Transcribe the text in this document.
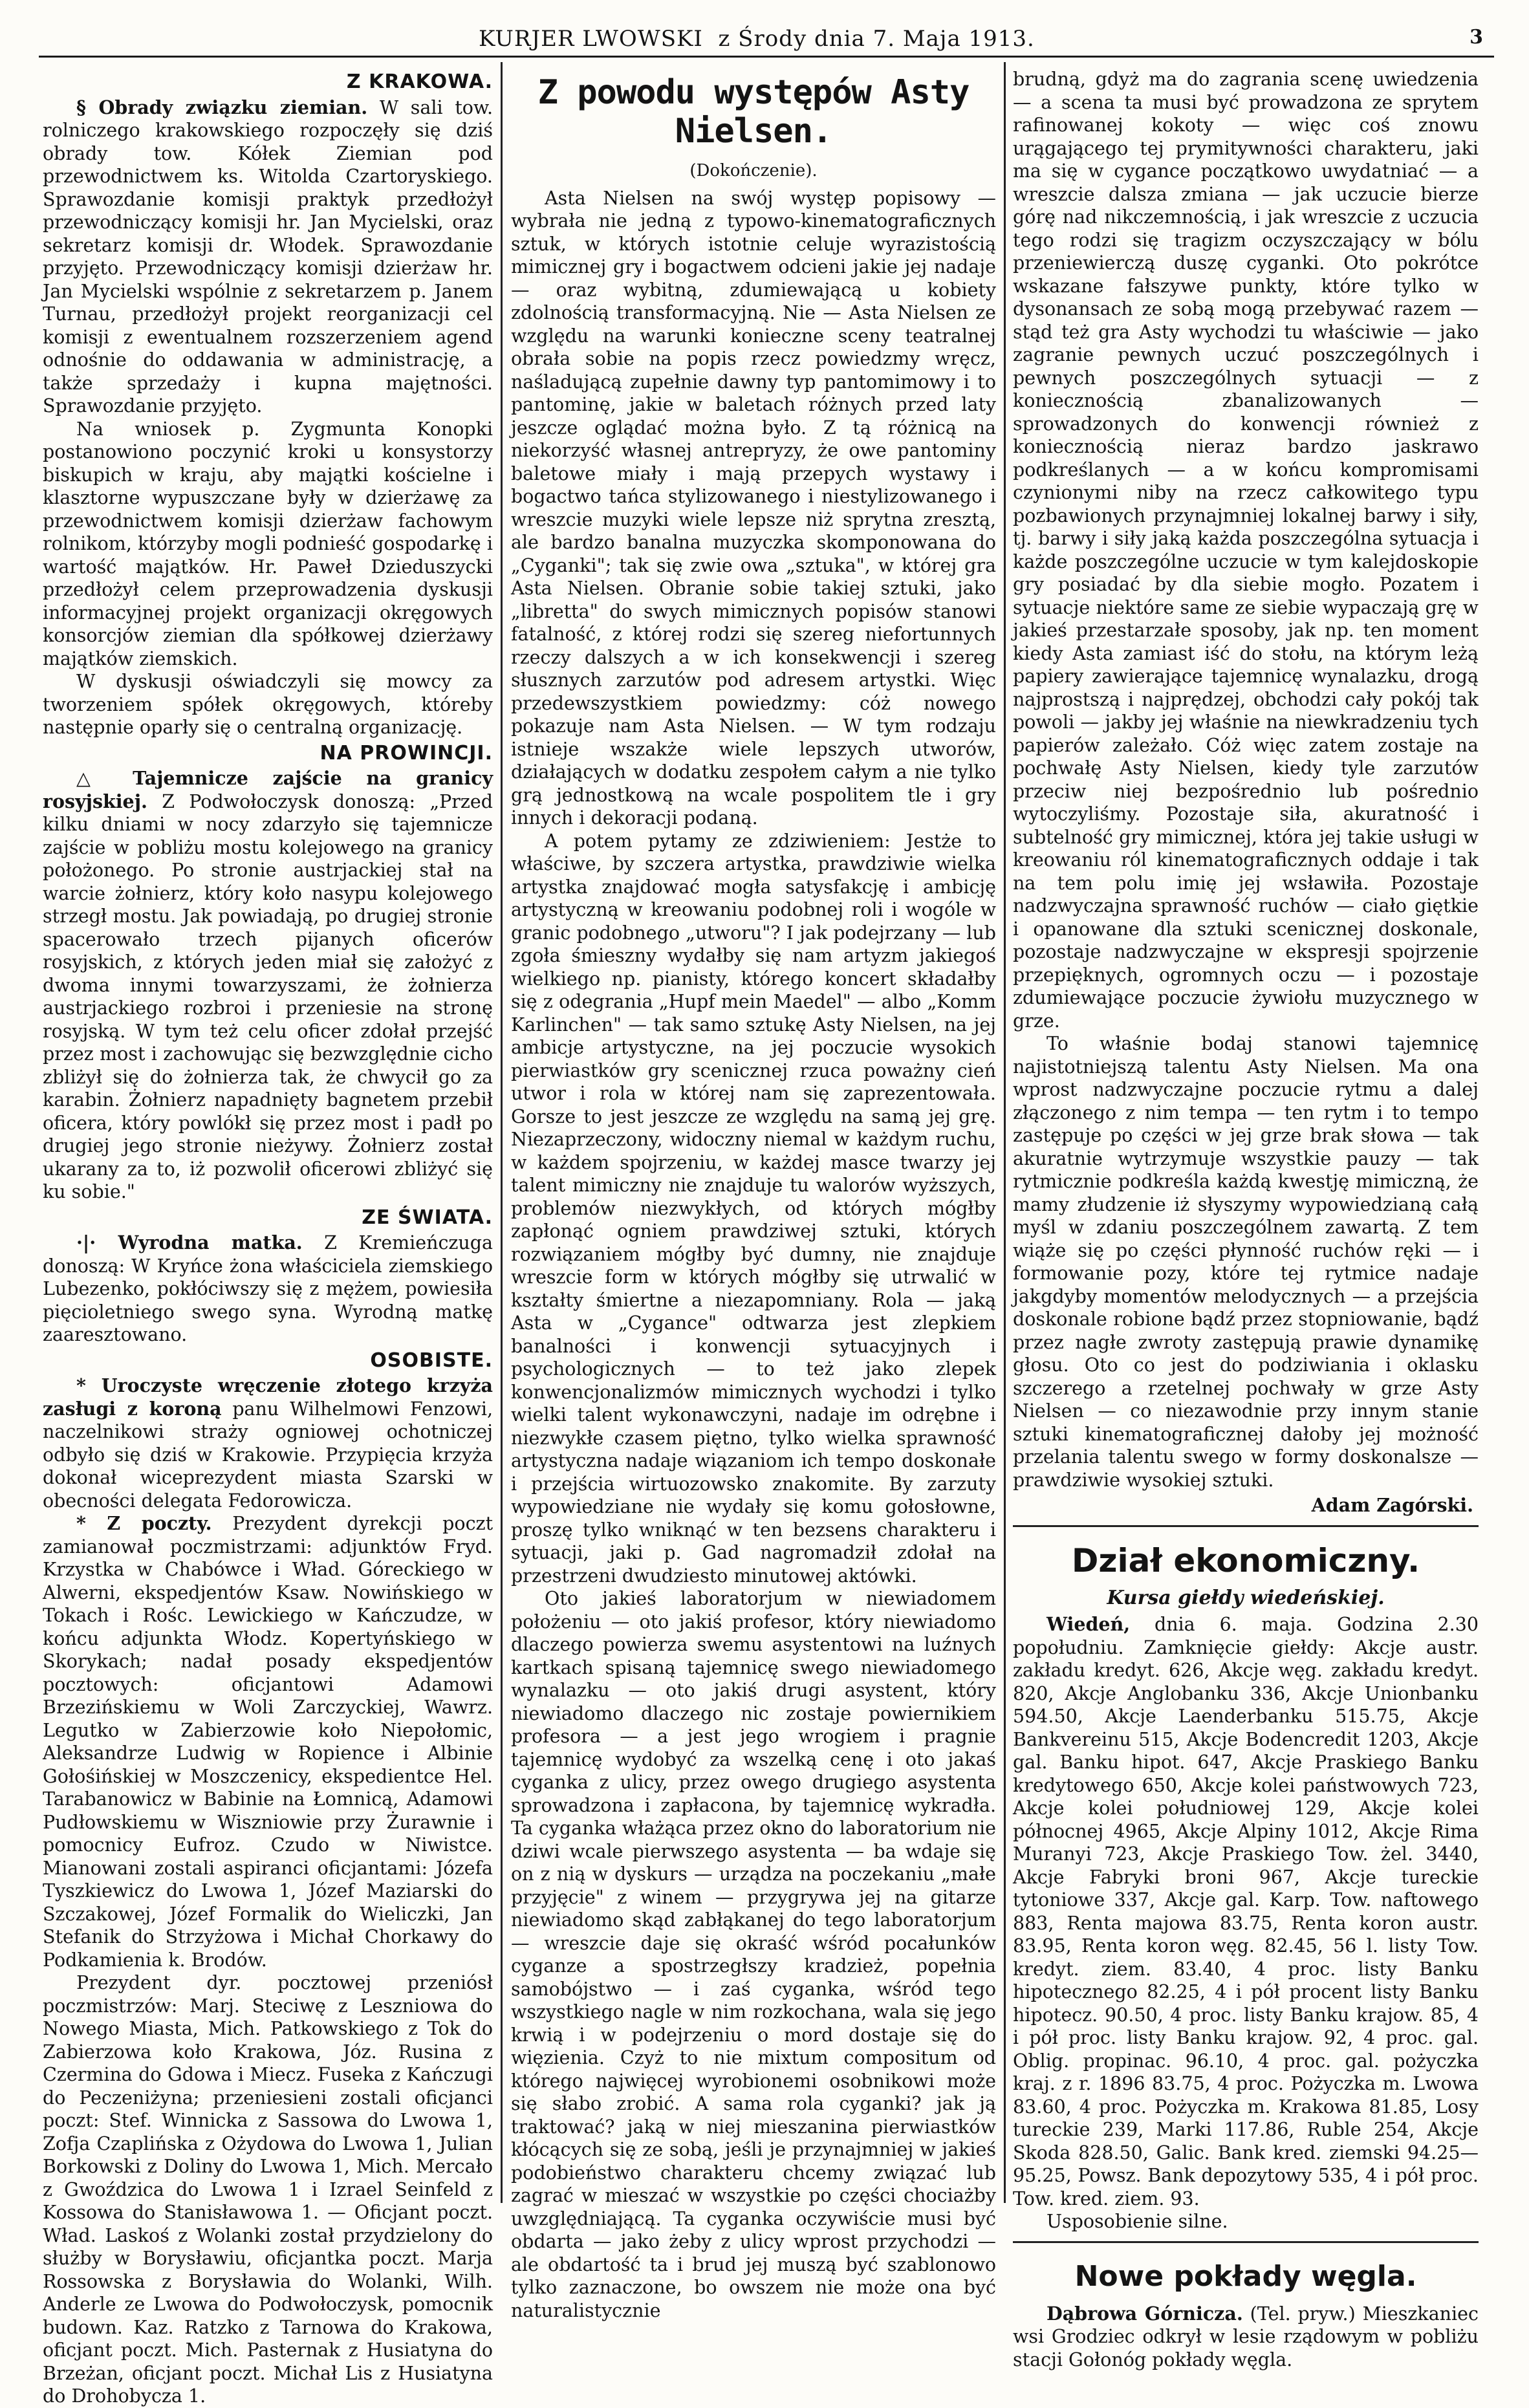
KURJER LWOWSKI z Środy dnia 7. Maja 1913.	3
Z KRAKOWA.

§ Obrady związku ziemian. W sali tow. rolniczego krakowskiego rozpoczęły się dziś obrady tow. Kółek Ziemian pod przewodnictwem ks. Witolda Czartoryskiego. Sprawozdanie komisji praktyk przedłożył przewodniczący komisji hr. Jan Mycielski, oraz sekretarz komisji dr. Włodek. Sprawozdanie przyjęto. Przewodniczący komisji dzierżaw hr. Jan Mycielski wspólnie z sekretarzem p. Janem Turnau, przedłożył projekt reorganizacji cel komisji z ewentualnem rozszerzeniem agend odnośnie do oddawania w administrację, a także sprzedaży i kupna majętności. Sprawozdanie przyjęto.

Na wniosek p. Zygmunta Konopki postanowiono poczynić kroki u konsystorzy biskupich w kraju, aby majątki kościelne i klasztorne wypuszczane były w dzierżawę za przewodnictwem komisji dzierżaw fachowym rolnikom, którzyby mogli podnieść gospodarkę i wartość majątków. Hr. Paweł Dzieduszycki przedłożył celem przeprowadzenia dyskusji informacyjnej projekt organizacji okręgowych konsorcjów ziemian dla spółkowej dzierżawy majątków ziemskich.

W dyskusji oświadczyli się mowcy za tworzeniem spółek okręgowych, któreby następnie oparły się o centralną organizację.

NA PROWINCJI.

△ Tajemnicze zajście na granicy rosyjskiej. Z Podwołoczysk donoszą: „Przed kilku dniami w nocy zdarzyło się tajemnicze zajście w pobliżu mostu kolejowego na granicy położonego. Po stronie austrjackiej stał na warcie żołnierz, który koło nasypu kolejowego strzegł mostu. Jak powiadają, po drugiej stronie spacerowało trzech pijanych oficerów rosyjskich, z których jeden miał się założyć z dwoma innymi towarzyszami, że żołnierza austrjackiego rozbroi i przeniesie na stronę rosyjską. W tym też celu oficer zdołał przejść przez most i zachowując się bezwzględnie cicho zbliżył się do żołnierza tak, że chwycił go za karabin. Żołnierz napadnięty bagnetem przebił oficera, który powlókł się przez most i padł po drugiej jego stronie nieżywy. Żołnierz został ukarany za to, iż pozwolił oficerowi zbliżyć się ku sobie."

ZE ŚWIATA.

·|· Wyrodna matka. Z Kremieńczuga donoszą: W Kryńce żona właściciela ziemskiego Lubezenko, pokłóciwszy się z mężem, powiesiła pięcioletniego swego syna. Wyrodną matkę zaaresztowano.

OSOBISTE.

* Uroczyste wręczenie złotego krzyża zasługi z koroną panu Wilhelmowi Fenzowi, naczelnikowi straży ogniowej ochotniczej odbyło się dziś w Krakowie. Przypięcia krzyża dokonał wiceprezydent miasta Szarski w obecności delegata Fedorowicza.

* Z poczty. Prezydent dyrekcji poczt zamianował poczmistrzami: adjunktów Fryd. Krzystka w Chabówce i Wład. Góreckiego w Alwerni, ekspedjentów Ksaw. Nowińskiego w Tokach i Rośc. Lewickiego w Kańczudze, w końcu adjunkta Włodz. Kopertyńskiego w Skorykach; nadał posady ekspedjentów pocztowych: oficjantowi Adamowi Brzezińskiemu w Woli Zarczyckiej, Wawrz. Legutko w Zabierzowie koło Niepołomic, Aleksandrze Ludwig w Ropience i Albinie Gołośińskiej w Moszczenicy, ekspedientce Hel. Tarabanowicz w Babinie na Łomnicą, Adamowi Pudłowskiemu w Wiszniowie przy Żurawnie i pomocnicy Eufroz. Czudo w Niwistce. Mianowani zostali aspiranci oficjantami: Józefa Tyszkiewicz do Lwowa 1, Józef Maziarski do Szczakowej, Józef Formalik do Wieliczki, Jan Stefanik do Strzyżowa i Michał Chorkawy do Podkamienia k. Brodów.

Prezydent dyr. pocztowej przeniósł poczmistrzów: Marj. Steciwę z Leszniowa do Nowego Miasta, Mich. Patkowskiego z Tok do Zabierzowa koło Krakowa, Józ. Rusina z Czermina do Gdowa i Miecz. Fuseka z Kańczugi do Peczeniżyna; przeniesieni zostali oficjanci poczt: Stef. Winnicka z Sassowa do Lwowa 1, Zofja Czaplińska z Ożydowa do Lwowa 1, Julian Borkowski z Doliny do Lwowa 1, Mich. Mercało z Gwoździca do Lwowa 1 i Izrael Seinfeld z Kossowa do Stanisławowa 1. — Oficjant poczt. Wład. Laskoś z Wolanki został przydzielony do służby w Borysławiu, oficjantka poczt. Marja Rossowska z Borysławia do Wolanki, Wilh. Anderle ze Lwowa do Podwołoczysk, pomocnik budown. Kaz. Ratzko z Tarnowa do Krakowa, oficjant poczt. Mich. Pasternak z Husiatyna do Brzeżan, oficjant poczt. Michał Lis z Husiatyna do Drohobycza 1.

Z powodu występów Asty Nielsen.
(Dokończenie).

Asta Nielsen na swój występ popisowy — wybrała nie jedną z typowo-kinematograficznych sztuk, w których istotnie celuje wyrazistością mimicznej gry i bogactwem odcieni jakie jej nadaje — oraz wybitną, zdumiewającą u kobiety zdolnością transformacyjną. Nie — Asta Nielsen ze względu na warunki konieczne sceny teatralnej obrała sobie na popis rzecz powiedzmy wręcz, naśladującą zupełnie dawny typ pantomimowy i to pantominę, jakie w baletach różnych przed laty jeszcze oglądać można było. Z tą różnicą na niekorzyść własnej antrepryzy, że owe pantominy baletowe miały i mają przepych wystawy i bogactwo tańca stylizowanego i niestylizowanego i wreszcie muzyki wiele lepsze niż sprytna zresztą, ale bardzo banalna muzyczka skomponowana do „Cyganki"; tak się zwie owa „sztuka", w której gra Asta Nielsen. Obranie sobie takiej sztuki, jako „libretta" do swych mimicznych popisów stanowi fatalność, z której rodzi się szereg niefortunnych rzeczy dalszych a w ich konsekwencji i szereg słusznych zarzutów pod adresem artystki. Więc przedewszystkiem powiedzmy: cóż nowego pokazuje nam Asta Nielsen. — W tym rodzaju istnieje wszakże wiele lepszych utworów, działających w dodatku zespołem całym a nie tylko grą jednostkową na wcale pospolitem tle i gry innych i dekoracji podaną.

A potem pytamy ze zdziwieniem: Jestże to właściwe, by szczera artystka, prawdziwie wielka artystka znajdować mogła satysfakcję i ambicję artystyczną w kreowaniu podobnej roli i wogóle w granic podobnego „utworu"? I jak podejrzany — lub zgoła śmieszny wydałby się nam artyzm jakiegoś wielkiego np. pianisty, którego koncert składałby się z odegrania „Hupf mein Maedel" — albo „Komm Karlinchen" — tak samo sztukę Asty Nielsen, na jej ambicje artystyczne, na jej poczucie wysokich pierwiastków gry scenicznej rzuca poważny cień utwor i rola w której nam się zaprezentowała. Gorsze to jest jeszcze ze względu na samą jej grę. Niezaprzeczony, widoczny niemal w każdym ruchu, w każdem spojrzeniu, w każdej masce twarzy jej talent mimiczny nie znajduje tu walorów wyższych, problemów niezwykłych, od których mógłby zapłonąć ogniem prawdziwej sztuki, których rozwiązaniem mógłby być dumny, nie znajduje wreszcie form w których mógłby się utrwalić w kształty śmiertne a niezapomniany. Rola — jaką Asta w „Cygance" odtwarza jest zlepkiem banalności i konwencji sytuacyjnych i psychologicznych — to też jako zlepek konwencjonalizmów mimicznych wychodzi i tylko wielki talent wykonawczyni, nadaje im odrębne i niezwykłe czasem piętno, tylko wielka sprawność artystyczna nadaje wiązaniom ich tempo doskonałe i przejścia wirtuozowsko znakomite. By zarzuty wypowiedziane nie wydały się komu gołosłowne, proszę tylko wniknąć w ten bezsens charakteru i sytuacji, jaki p. Gad nagromadził zdołał na przestrzeni dwudziesto minutowej aktówki.

Oto jakieś laboratorjum w niewiadomem położeniu — oto jakiś profesor, który niewiadomo dlaczego powierza swemu asystentowi na luźnych kartkach spisaną tajemnicę swego niewiadomego wynalazku — oto jakiś drugi asystent, który niewiadomo dlaczego nic zostaje powiernikiem profesora — a jest jego wrogiem i pragnie tajemnicę wydobyć za wszelką cenę i oto jakaś cyganka z ulicy, przez owego drugiego asystenta sprowadzona i zapłacona, by tajemnicę wykradła. Ta cyganka włażąca przez okno do laboratorium nie dziwi wcale pierwszego asystenta — ba wdaje się on z nią w dyskurs — urządza na poczekaniu „małe przyjęcie" z winem — przygrywa jej na gitarze niewiadomo skąd zabłąkanej do tego laboratorjum — wreszcie daje się okraść wśród pocałunków cyganze a spostrzegłszy kradzież, popełnia samobójstwo — i zaś cyganka, wśród tego wszystkiego nagle w nim rozkochana, wala się jego krwią i w podejrzeniu o mord dostaje się do więzienia. Czyż to nie mixtum compositum od którego najwięcej wyrobionemi osobnikowi może się słabo zrobić. A sama rola cyganki? jak ją traktować? jaką w niej mieszanina pierwiastków kłócących się ze sobą, jeśli je przynajmniej w jakieś podobieństwo charakteru chcemy związać lub zagrać w mieszać w wszystkie po części chociażby uwzględniającą. Ta cyganka oczywiście musi być obdarta — jako żeby z ulicy wprost przychodzi — ale obdartość ta i brud jej muszą być szablonowo tylko zaznaczone, bo owszem nie może ona być naturalistycznie

brudną, gdyż ma do zagrania scenę uwiedzenia — a scena ta musi być prowadzona ze sprytem rafinowanej kokoty — więc coś znowu urągającego tej prymitywności charakteru, jaki ma się w cygance początkowo uwydatniać — a wreszcie dalsza zmiana — jak uczucie bierze górę nad nikczemnością, i jak wreszcie z uczucia tego rodzi się tragizm oczyszczający w bólu przeniewierczą duszę cyganki. Oto pokrótce wskazane fałszywe punkty, które tylko w dysonansach ze sobą mogą przebywać razem — stąd też gra Asty wychodzi tu właściwie — jako zagranie pewnych uczuć poszczególnych i pewnych poszczególnych sytuacji — z koniecznością zbanalizowanych — sprowadzonych do konwencji również z koniecznością nieraz bardzo jaskrawo podkreślanych — a w końcu kompromisami czynionymi niby na rzecz całkowitego typu pozbawionych przynajmniej lokalnej barwy i siły, tj. barwy i siły jaką każda poszczególna sytuacja i każde poszczególne uczucie w tym kalejdoskopie gry posiadać by dla siebie mogło. Pozatem i sytuacje niektóre same ze siebie wypaczają grę w jakieś przestarzałe sposoby, jak np. ten moment kiedy Asta zamiast iść do stołu, na którym leżą papiery zawierające tajemnicę wynalazku, drogą najprostszą i najprędzej, obchodzi cały pokój tak powoli — jakby jej właśnie na niewkradzeniu tych papierów zależało. Cóż więc zatem zostaje na pochwałę Asty Nielsen, kiedy tyle zarzutów przeciw niej bezpośrednio lub pośrednio wytoczyliśmy. Pozostaje siła, akuratność i subtelność gry mimicznej, która jej takie usługi w kreowaniu ról kinematograficznych oddaje i tak na tem polu imię jej wsławiła. Pozostaje nadzwyczajna sprawność ruchów — ciało giętkie i opanowane dla sztuki scenicznej doskonale, pozostaje nadzwyczajne w ekspresji spojrzenie przepięknych, ogromnych oczu — i pozostaje zdumiewające poczucie żywiołu muzycznego w grze.

To właśnie bodaj stanowi tajemnicę najistotniejszą talentu Asty Nielsen. Ma ona wprost nadzwyczajne poczucie rytmu a dalej złączonego z nim tempa — ten rytm i to tempo zastępuje po części w jej grze brak słowa — tak akuratnie wytrzymuje wszystkie pauzy — tak rytmicznie podkreśla każdą kwestję mimiczną, że mamy złudzenie iż słyszymy wypowiedzianą całą myśl w zdaniu poszczególnem zawartą. Z tem wiąże się po części płynność ruchów ręki — i formowanie pozy, które tej rytmice nadaje jakgdyby momentów melodycznych — a przejścia doskonale robione bądź przez stopniowanie, bądź przez nagłe zwroty zastępują prawie dynamikę głosu. Oto co jest do podziwiania i oklasku szczerego a rzetelnej pochwały w grze Asty Nielsen — co niezawodnie przy innym stanie sztuki kinematograficznej dałoby jej możność przelania talentu swego w formy doskonalsze — prawdziwie wysokiej sztuki.

Adam Zagórski.
Dział ekonomiczny.
Kursa giełdy wiedeńskiej.

Wiedeń, dnia 6. maja. Godzina 2.30 popołudniu. Zamknięcie giełdy: Akcje austr. zakładu kredyt. 626, Akcje węg. zakładu kredyt. 820, Akcje Anglobanku 336, Akcje Unionbanku 594.50, Akcje Laenderbanku 515.75, Akcje Bankvereinu 515, Akcje Bodencredit 1203, Akcje gal. Banku hipot. 647, Akcje Praskiego Banku kredytowego 650, Akcje kolei państwowych 723, Akcje kolei południowej 129, Akcje kolei północnej 4965, Akcje Alpiny 1012, Akcje Rima Muranyi 723, Akcje Praskiego Tow. żel. 3440, Akcje Fabryki broni 967, Akcje tureckie tytoniowe 337, Akcje gal. Karp. Tow. naftowego 883, Renta majowa 83.75, Renta koron austr. 83.95, Renta koron węg. 82.45, 56 l. listy Tow. kredyt. ziem. 83.40, 4 proc. listy Banku hipotecznego 82.25, 4 i pół procent listy Banku hipotecz. 90.50, 4 proc. listy Banku krajow. 85, 4 i pół proc. listy Banku krajow. 92, 4 proc. gal. Oblig. propinac. 96.10, 4 proc. gal. pożyczka kraj. z r. 1896 83.75, 4 proc. Pożyczka m. Lwowa 83.60, 4 proc. Pożyczka m. Krakowa 81.85, Losy tureckie 239, Marki 117.86, Ruble 254, Akcje Skoda 828.50, Galic. Bank kred. ziemski 94.25—95.25, Powsz. Bank depozytowy 535, 4 i pół proc. Tow. kred. ziem. 93.

Usposobienie silne.

Nowe pokłady węgla.

Dąbrowa Górnicza. (Tel. pryw.) Mieszkaniec wsi Grodziec odkrył w lesie rządowym w pobliżu stacji Gołonóg pokłady węgla.
